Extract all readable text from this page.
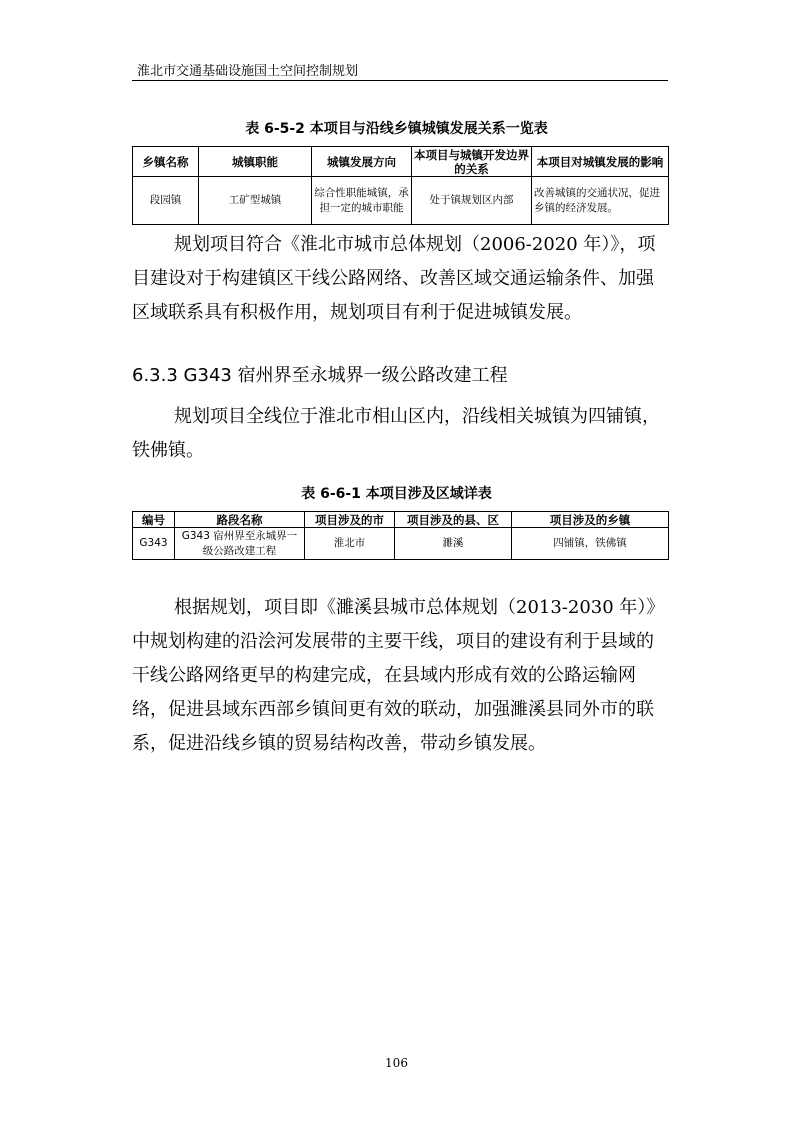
淮北市交通基础设施国土空间控制规划
表 6-5-2 本项目与沿线乡镇城镇发展关系一览表
乡镇名称	城镇职能	城镇发展方向	本项目与城镇开发边界的关系	本项目对城镇发展的影响
段园镇	工矿型城镇	综合性职能城镇，承担一定的城市职能	处于镇规划区内部	改善城镇的交通状况，促进乡镇的经济发展。
规划项目符合《淮北市城市总体规划（2006-2020 年）》，项目建设对于构建镇区干线公路网络、改善区域交通运输条件、加强区域联系具有积极作用，规划项目有利于促进城镇发展。
6.3.3 G343 宿州界至永城界一级公路改建工程
规划项目全线位于淮北市相山区内，沿线相关城镇为四铺镇，铁佛镇。
表 6-6-1 本项目涉及区域详表
编号	路段名称	项目涉及的市	项目涉及的县、区	项目涉及的乡镇
G343	G343 宿州界至永城界一级公路改建工程	淮北市	濉溪	四铺镇，铁佛镇
根据规划，项目即《濉溪县城市总体规划（2013-2030 年）》中规划构建的沿浍河发展带的主要干线，项目的建设有利于县域的干线公路网络更早的构建完成，在县域内形成有效的公路运输网络，促进县域东西部乡镇间更有效的联动，加强濉溪县同外市的联系，促进沿线乡镇的贸易结构改善，带动乡镇发展。
106
